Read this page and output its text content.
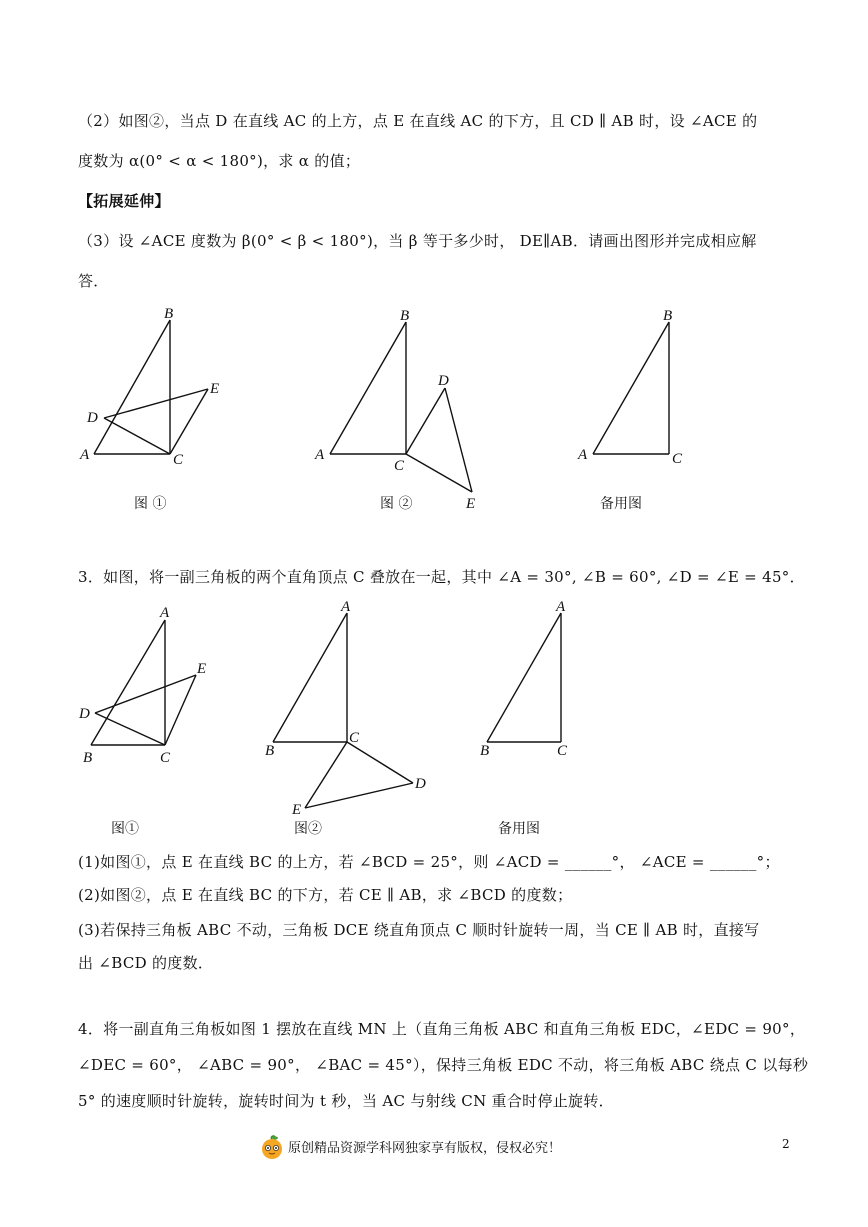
（2）如图②，当点 D 在直线 AC 的上方，点 E 在直线 AC 的下方，且 CD ∥ AB 时，设 ∠ACE 的
度数为 α(0° < α < 180°)，求 α 的值；
【拓展延伸】
（3）设 ∠ACE 度数为 β(0° < β < 180°)，当 β 等于多少时， DE∥AB．请画出图形并完成相应解
答．
B
E
D
A	C
图 ①
B
D
A
C
E
图 ②
B
A	C
备用图
3．如图，将一副三角板的两个直角顶点 C 叠放在一起，其中 ∠A = 30°, ∠B = 60°, ∠D = ∠E = 45°．
A
E
D
B	C
图①
A
C
B
D
E
图②
A
B	C
备用图
(1)如图①，点 E 在直线 BC 的上方，若 ∠BCD = 25°，则 ∠ACD = ______°， ∠ACE = ______°；
(2)如图②，点 E 在直线 BC 的下方，若 CE ∥ AB，求 ∠BCD 的度数；
(3)若保持三角板 ABC 不动，三角板 DCE 绕直角顶点 C 顺时针旋转一周，当 CE ∥ AB 时，直接写
出 ∠BCD 的度数．
4．将一副直角三角板如图 1 摆放在直线 MN 上（直角三角板 ABC 和直角三角板 EDC，∠EDC = 90°，
∠DEC = 60°， ∠ABC = 90°， ∠BAC = 45°），保持三角板 EDC 不动，将三角板 ABC 绕点 C 以每秒
5° 的速度顺时针旋转，旋转时间为 t 秒，当 AC 与射线 CN 重合时停止旋转．
原创精品资源学科网独家享有版权，侵权必究！	2
